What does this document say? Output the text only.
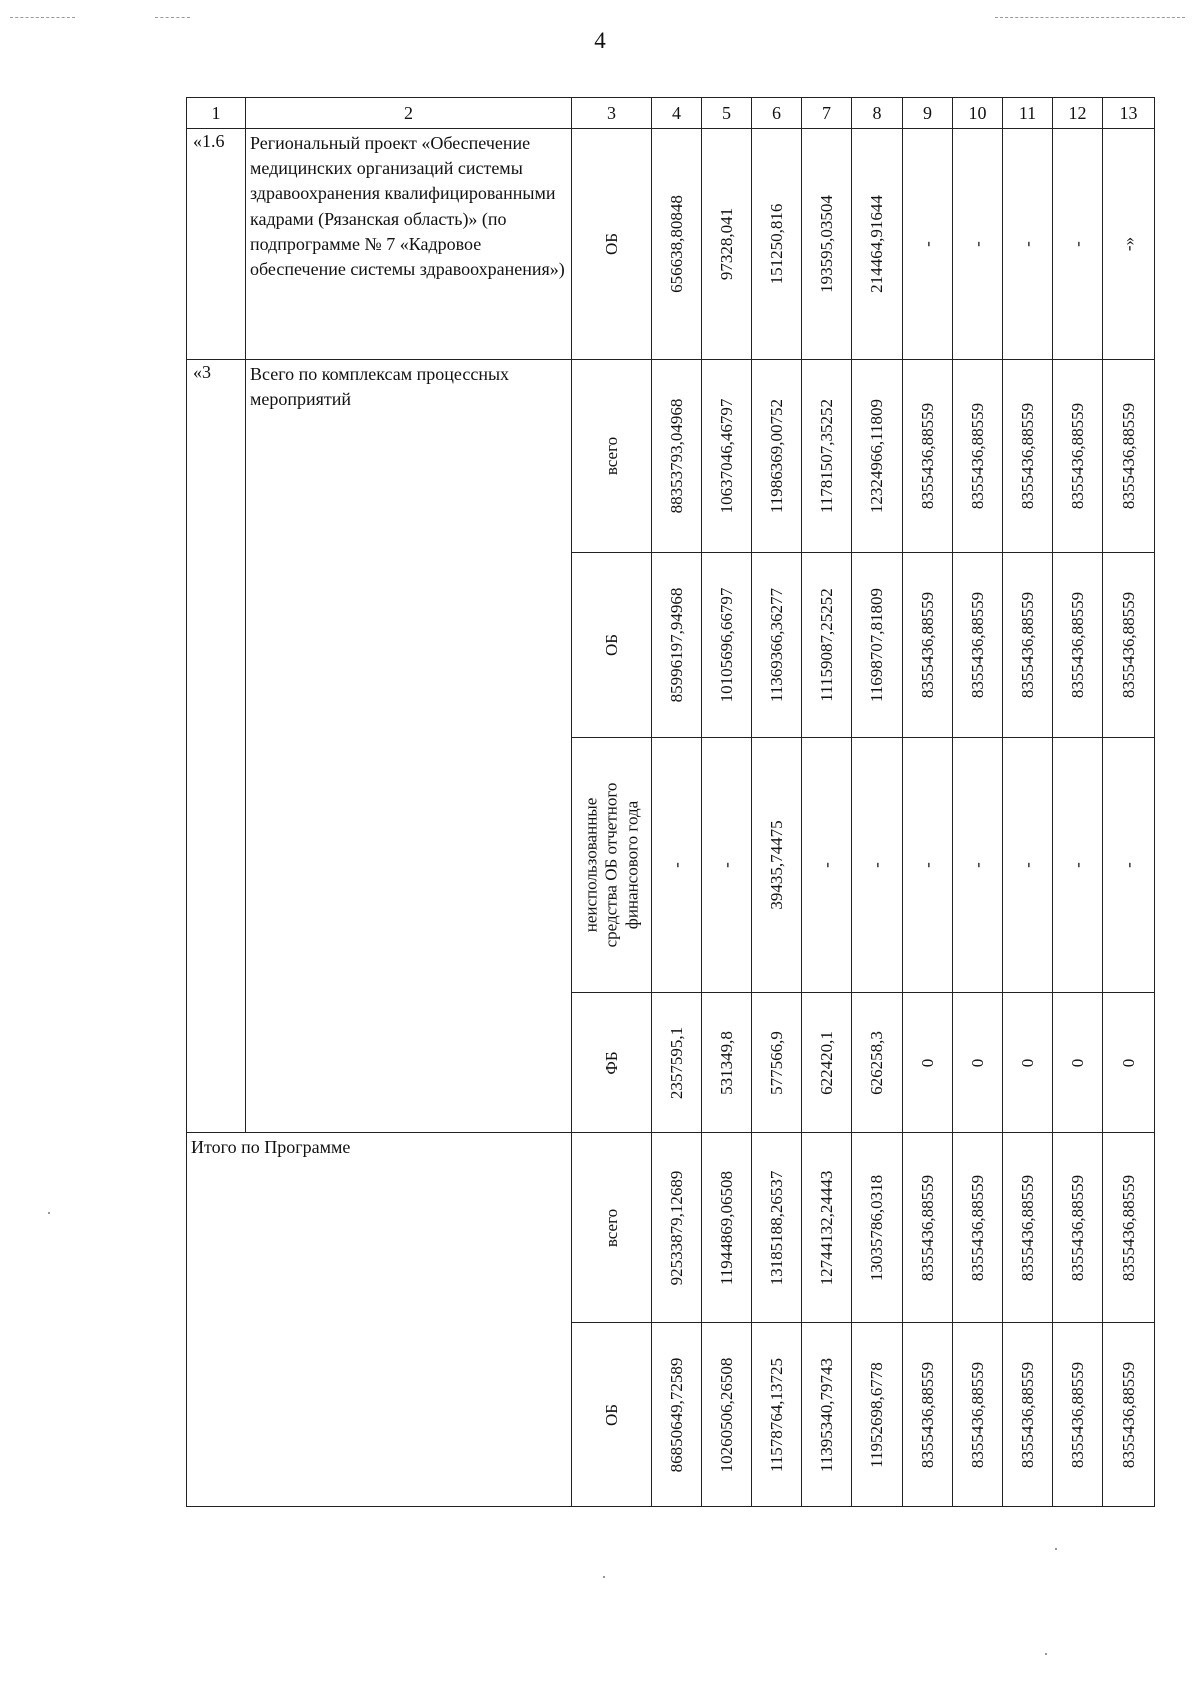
4
1	2	3	4	5	6	7	8	9	10	11	12	13
«1.6	Региональный проект «Обеспечение медицинских организаций системы здравоохранения квалифицированными кадрами (Рязанская область)» (по подпрограмме № 7 «Кадровое обеспечение системы здравоохранения»)	ОБ	656638,80848	97328,041	151250,816	193595,03504	214464,91644	-	-	-	-	-»

«3	Всего по комплексам процессных мероприятий	всего	88353793,04968	10637046,46797	11986369,00752	11781507,35252	12324966,11809	8355436,88559	8355436,88559	8355436,88559	8355436,88559	8355436,88559

		ОБ	85996197,94968	10105696,66797	11369366,36277	11159087,25252	11698707,81809	8355436,88559	8355436,88559	8355436,88559	8355436,88559	8355436,88559

		неиспользованные средства ОБ отчетного финансового года	-	-	39435,74475	-	-	-	-	-	-	-

		ФБ	2357595,1	531349,8	577566,9	622420,1	626258,3	0	0	0	0	0

Итого по Программе		всего	92533879,12689	11944869,06508	13185188,26537	12744132,24443	13035786,0318	8355436,88559	8355436,88559	8355436,88559	8355436,88559	8355436,88559

		ОБ	86850649,72589	10260506,26508	11578764,13725	11395340,79743	11952698,6778	8355436,88559	8355436,88559	8355436,88559	8355436,88559	8355436,88559
